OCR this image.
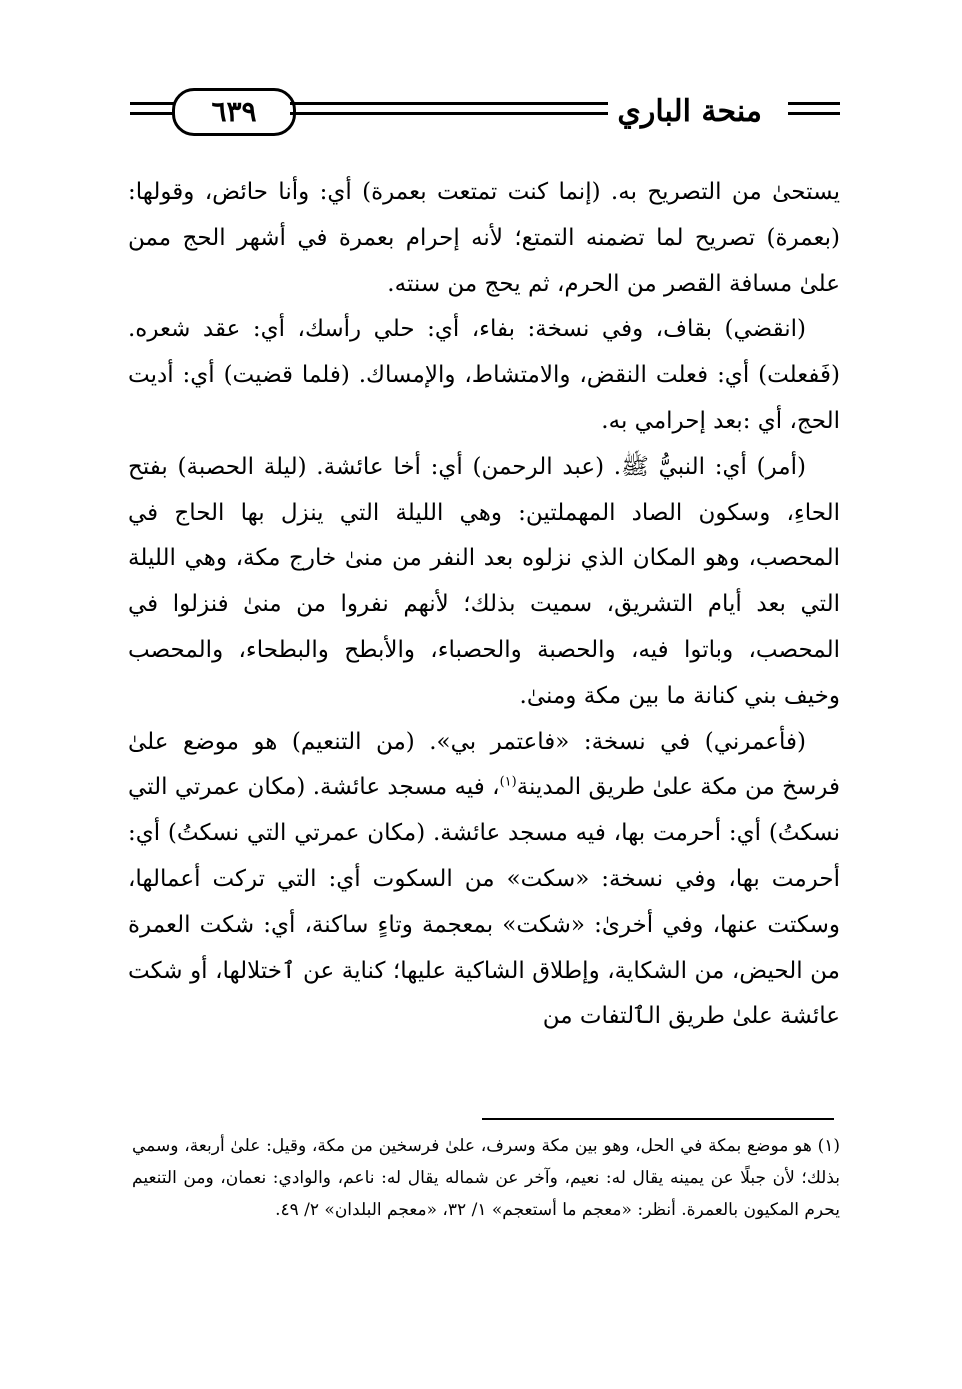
٦٣٩	منحة الباري

يستحىٰ من التصريح به. (إنما كنت تمتعت بعمرة) أي: وأنا حائض، وقولها: (بعمرة) تصريح لما تضمنه التمتع؛ لأنه إحرام بعمرة في أشهر الحج ممن علىٰ مسافة القصر من الحرم، ثم يحج من سنته.

(انقضي) بقاف، وفي نسخة: بفاء، أي: حلي رأسك، أي: عقد شعره. (فَفعلت) أي: فعلت النقض، والامتشاط، والإمساك. (فلما قضيت) أي: أديت الحج، أي :بعد إحرامي به.

(أمر) أي: النبيُّ ﷺ. (عبد الرحمن) أي: أخا عائشة. (ليلة الحصبة) بفتح الحاءِ، وسكون الصاد المهملتين: وهي الليلة التي ينزل بها الحاج في المحصب، وهو المكان الذي نزلوه بعد النفر من منىٰ خارج مكة، وهي الليلة التي بعد أيام التشريق، سميت بذلك؛ لأنهم نفروا من منىٰ فنزلوا في المحصب، وباتوا فيه، والحصبة والحصباء، والأبطح والبطحاء، والمحصب وخيف بني كنانة ما بين مكة ومنىٰ.

(فأعمرني) في نسخة: «فاعتمر بي». (من التنعيم) هو موضع علىٰ فرسخ من مكة علىٰ طريق المدينة$^{(١)}$، فيه مسجد عائشة. (مكان عمرتي التي نسكتُ) أي: أحرمت بها، فيه مسجد عائشة. (مكان عمرتي التي نسكتُ) أي: أحرمت بها، وفي نسخة: «سكت» من السكوت أي: التي تركت أعمالها، وسكتت عنها، وفي أخرىٰ: «شكت» بمعجمة وتاءٍ ساكنة، أي: شكت العمرة من الحيض، من الشكاية، وإطلاق الشاكية عليها؛ كناية عن ٱختلالها، أو شكت عائشة علىٰ طريق الٱلتفات من

(١) هو موضع بمكة في الحل، وهو بين مكة وسرف، علىٰ فرسخين من مكة، وقيل: علىٰ أربعة، وسمي بذلك؛ لأن جبلًا عن يمينه يقال له: نعيم، وآخر عن شماله يقال له: ناعم، والوادي: نعمان، ومن التنعيم يحرم المكيون بالعمرة. أنظر: «معجم ما أستعجم» ١/ ٣٢، «معجم البلدان» ٢/ ٤٩.
